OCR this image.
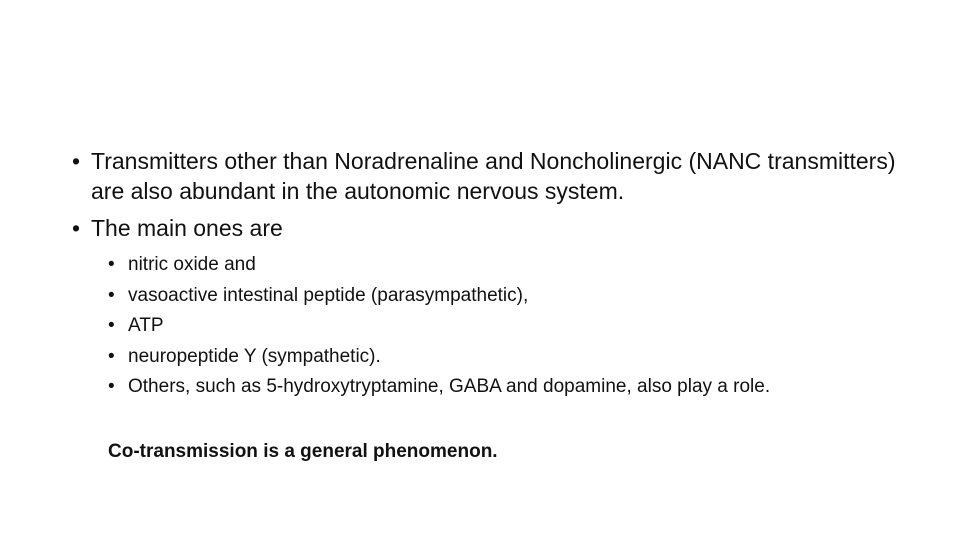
• Transmitters other than Noradrenaline and Noncholinergic (NANC transmitters) are also abundant in the autonomic nervous system.
• The main ones are
• nitric oxide and
• vasoactive intestinal peptide (parasympathetic),
• ATP
• neuropeptide Y (sympathetic).
• Others, such as 5-hydroxytryptamine, GABA and dopamine, also play a role.
Co-transmission is a general phenomenon.
